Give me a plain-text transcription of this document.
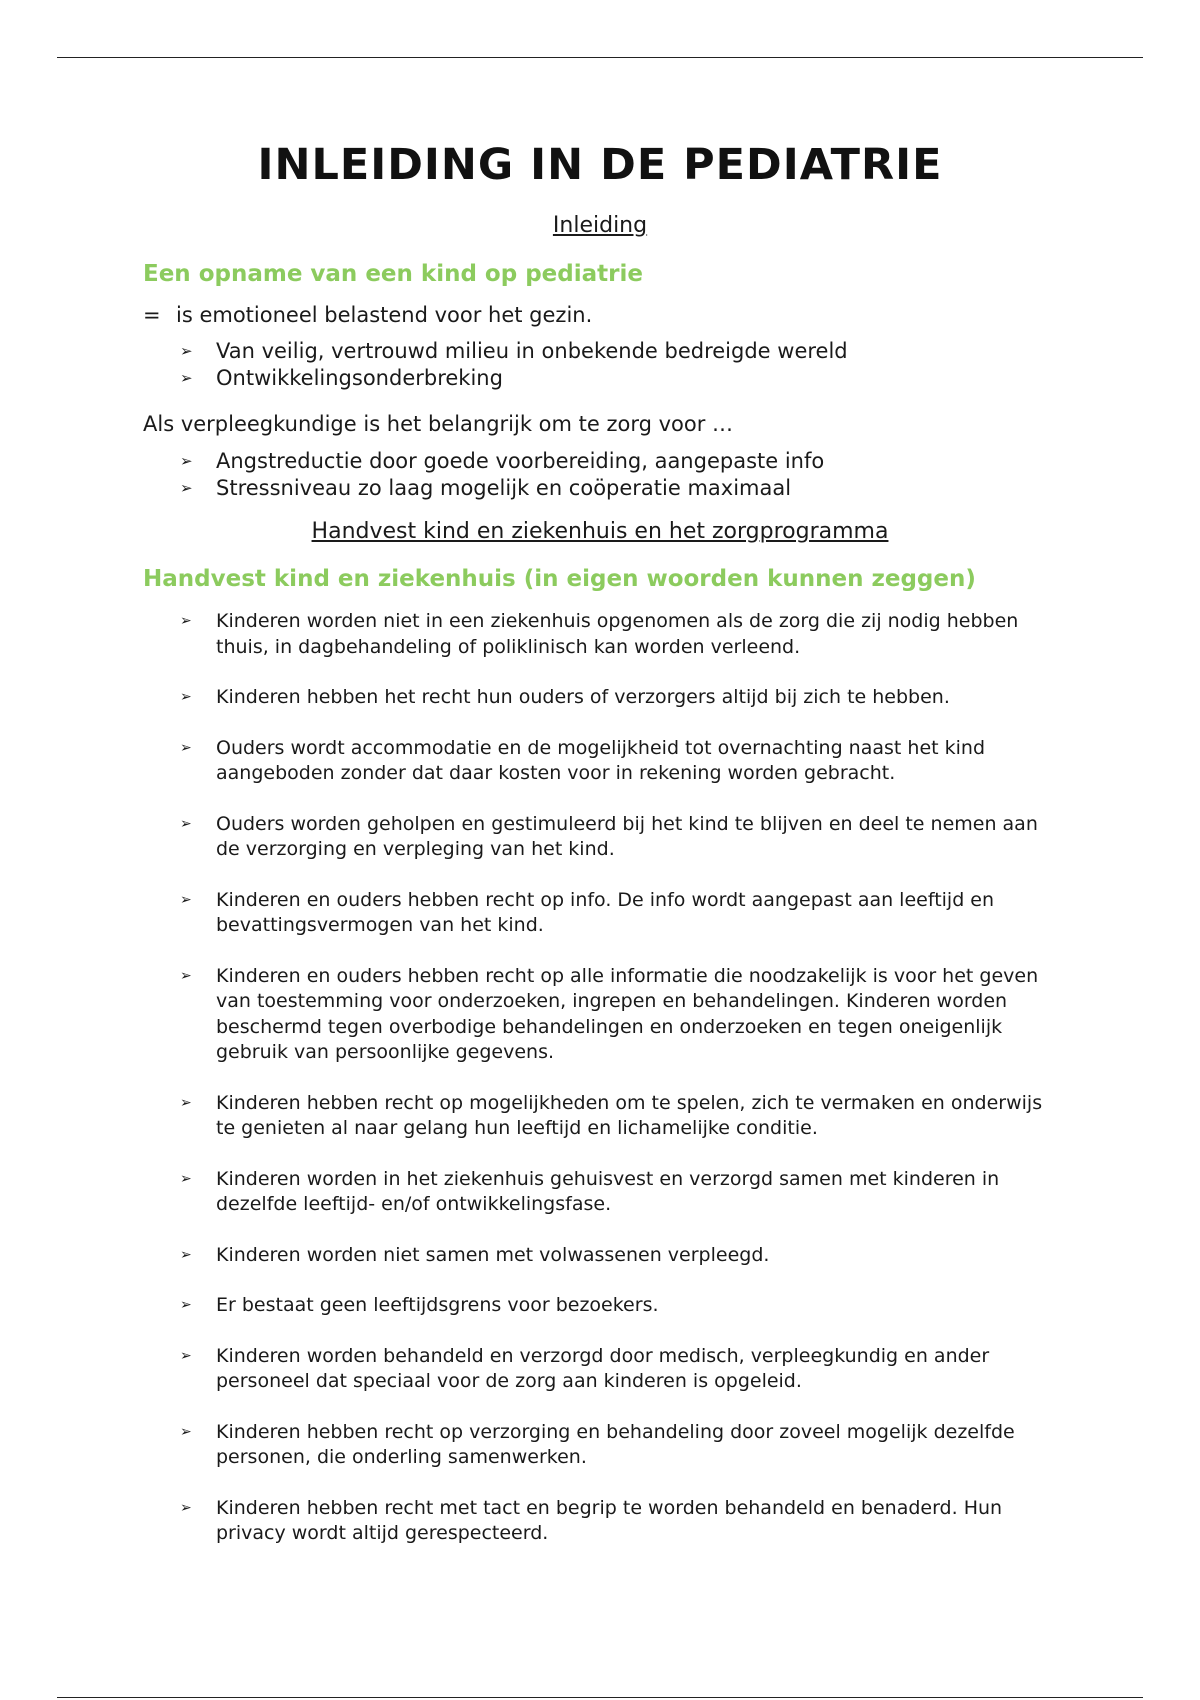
INLEIDING IN DE PEDIATRIE
Inleiding
Een opname van een kind op pediatrie
= is emotioneel belastend voor het gezin.
➢ Van veilig, vertrouwd milieu in onbekende bedreigde wereld
➢ Ontwikkelingsonderbreking
Als verpleegkundige is het belangrijk om te zorg voor …
➢ Angstreductie door goede voorbereiding, aangepaste info
➢ Stressniveau zo laag mogelijk en coöperatie maximaal
Handvest kind en ziekenhuis en het zorgprogramma
Handvest kind en ziekenhuis (in eigen woorden kunnen zeggen)
➢ Kinderen worden niet in een ziekenhuis opgenomen als de zorg die zij nodig hebben thuis, in dagbehandeling of poliklinisch kan worden verleend.
➢ Kinderen hebben het recht hun ouders of verzorgers altijd bij zich te hebben.
➢ Ouders wordt accommodatie en de mogelijkheid tot overnachting naast het kind aangeboden zonder dat daar kosten voor in rekening worden gebracht.
➢ Ouders worden geholpen en gestimuleerd bij het kind te blijven en deel te nemen aan de verzorging en verpleging van het kind.
➢ Kinderen en ouders hebben recht op info. De info wordt aangepast aan leeftijd en bevattingsvermogen van het kind.
➢ Kinderen en ouders hebben recht op alle informatie die noodzakelijk is voor het geven van toestemming voor onderzoeken, ingrepen en behandelingen. Kinderen worden beschermd tegen overbodige behandelingen en onderzoeken en tegen oneigenlijk gebruik van persoonlijke gegevens.
➢ Kinderen hebben recht op mogelijkheden om te spelen, zich te vermaken en onderwijs te genieten al naar gelang hun leeftijd en lichamelijke conditie.
➢ Kinderen worden in het ziekenhuis gehuisvest en verzorgd samen met kinderen in dezelfde leeftijd- en/of ontwikkelingsfase.
➢ Kinderen worden niet samen met volwassenen verpleegd.
➢ Er bestaat geen leeftijdsgrens voor bezoekers.
➢ Kinderen worden behandeld en verzorgd door medisch, verpleegkundig en ander personeel dat speciaal voor de zorg aan kinderen is opgeleid.
➢ Kinderen hebben recht op verzorging en behandeling door zoveel mogelijk dezelfde personen, die onderling samenwerken.
➢ Kinderen hebben recht met tact en begrip te worden behandeld en benaderd. Hun privacy wordt altijd gerespecteerd.
